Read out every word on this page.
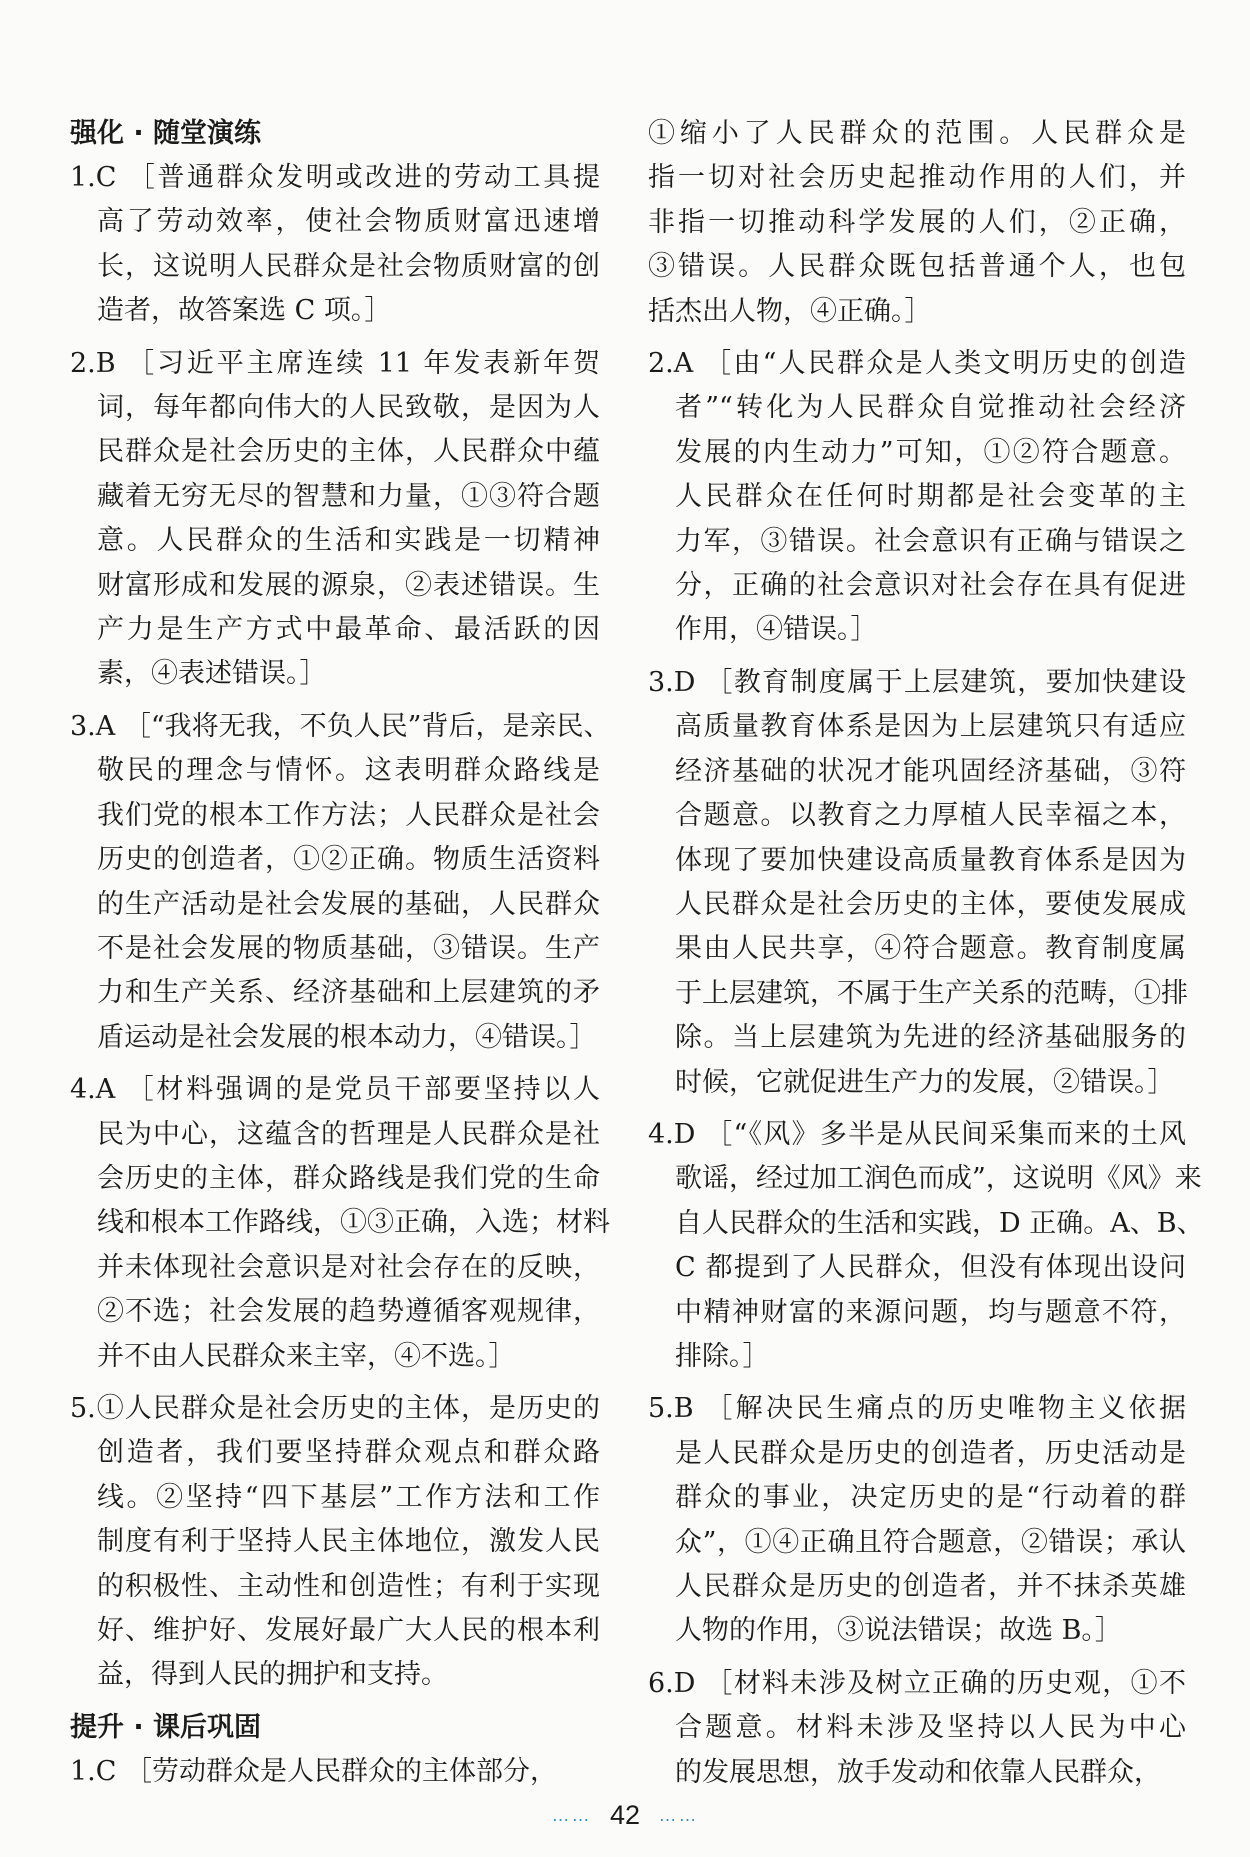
强化 · 随堂演练
1.C ［普通群众发明或改进的劳动工具提
高了劳动效率，使社会物质财富迅速增
长，这说明人民群众是社会物质财富的创
造者，故答案选 C 项。］
2.B ［习近平主席连续 11 年发表新年贺
词，每年都向伟大的人民致敬，是因为人
民群众是社会历史的主体，人民群众中蕴
藏着无穷无尽的智慧和力量，①③符合题
意。人民群众的生活和实践是一切精神
财富形成和发展的源泉，②表述错误。生
产力是生产方式中最革命、最活跃的因
素，④表述错误。］
3.A ［“我将无我，不负人民”背后，是亲民、
敬民的理念与情怀。这表明群众路线是
我们党的根本工作方法；人民群众是社会
历史的创造者，①②正确。物质生活资料
的生产活动是社会发展的基础，人民群众
不是社会发展的物质基础，③错误。生产
力和生产关系、经济基础和上层建筑的矛
盾运动是社会发展的根本动力，④错误。］
4.A ［材料强调的是党员干部要坚持以人
民为中心，这蕴含的哲理是人民群众是社
会历史的主体，群众路线是我们党的生命
线和根本工作路线，①③正确，入选；材料
并未体现社会意识是对社会存在的反映，
②不选；社会发展的趋势遵循客观规律，
并不由人民群众来主宰，④不选。］
5.①人民群众是社会历史的主体，是历史的
创造者，我们要坚持群众观点和群众路
线。②坚持“四下基层”工作方法和工作
制度有利于坚持人民主体地位，激发人民
的积极性、主动性和创造性；有利于实现
好、维护好、发展好最广大人民的根本利
益，得到人民的拥护和支持。
提升 · 课后巩固
1.C ［劳动群众是人民群众的主体部分，
①缩小了人民群众的范围。人民群众是
指一切对社会历史起推动作用的人们，并
非指一切推动科学发展的人们，②正确，
③错误。人民群众既包括普通个人，也包
括杰出人物，④正确。］
2.A ［由“人民群众是人类文明历史的创造
者”“转化为人民群众自觉推动社会经济
发展的内生动力”可知，①②符合题意。
人民群众在任何时期都是社会变革的主
力军，③错误。社会意识有正确与错误之
分，正确的社会意识对社会存在具有促进
作用，④错误。］
3.D ［教育制度属于上层建筑，要加快建设
高质量教育体系是因为上层建筑只有适应
经济基础的状况才能巩固经济基础，③符
合题意。以教育之力厚植人民幸福之本，
体现了要加快建设高质量教育体系是因为
人民群众是社会历史的主体，要使发展成
果由人民共享，④符合题意。教育制度属
于上层建筑，不属于生产关系的范畴，①排
除。当上层建筑为先进的经济基础服务的
时候，它就促进生产力的发展，②错误。］
4.D ［“《风》多半是从民间采集而来的土风
歌谣，经过加工润色而成”，这说明《风》来
自人民群众的生活和实践，D 正确。A、B、
C 都提到了人民群众，但没有体现出设问
中精神财富的来源问题，均与题意不符，
排除。］
5.B ［解决民生痛点的历史唯物主义依据
是人民群众是历史的创造者，历史活动是
群众的事业，决定历史的是“行动着的群
众”，①④正确且符合题意，②错误；承认
人民群众是历史的创造者，并不抹杀英雄
人物的作用，③说法错误；故选 B。］
6.D ［材料未涉及树立正确的历史观，①不
合题意。材料未涉及坚持以人民为中心
的发展思想，放手发动和依靠人民群众，
…… 42 ……
